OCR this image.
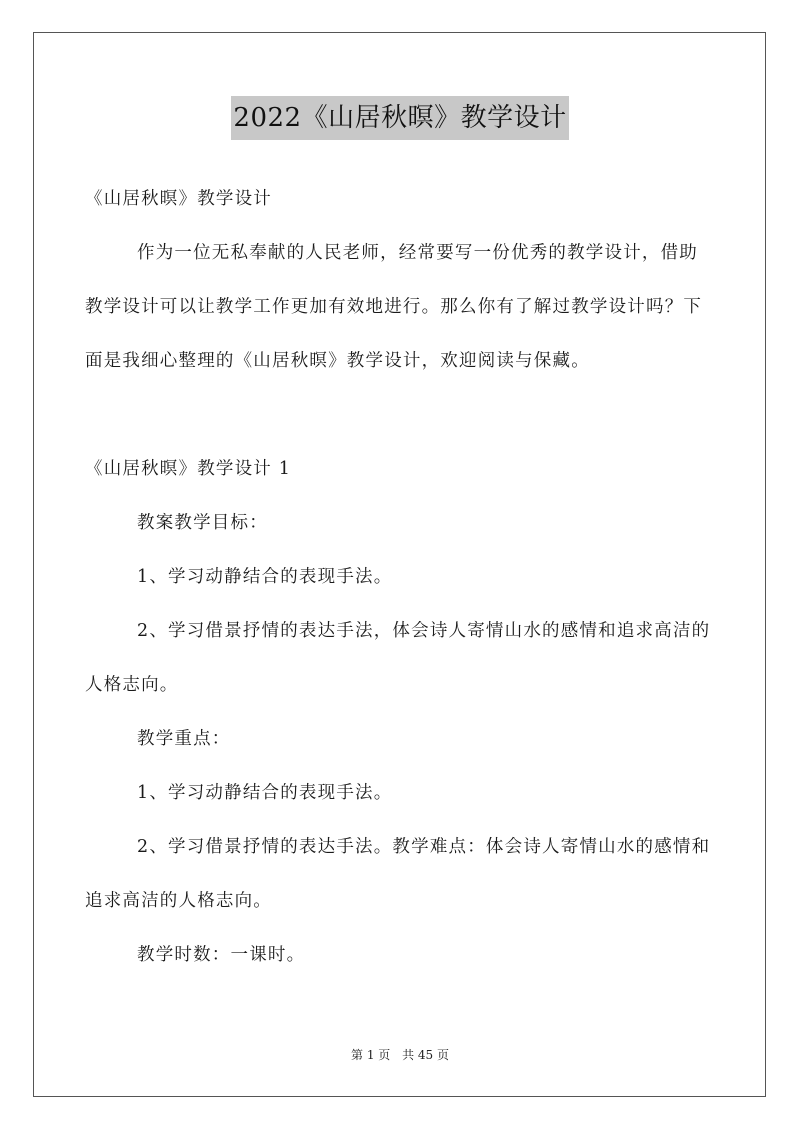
2022《山居秋暝》教学设计

《山居秋暝》教学设计

作为一位无私奉献的人民老师，经常要写一份优秀的教学设计，借助教学设计可以让教学工作更加有效地进行。那么你有了解过教学设计吗？下面是我细心整理的《山居秋暝》教学设计，欢迎阅读与保藏。

《山居秋暝》教学设计 1

教案教学目标：

1、学习动静结合的表现手法。

2、学习借景抒情的表达手法，体会诗人寄情山水的感情和追求高洁的人格志向。

教学重点：

1、学习动静结合的表现手法。

2、学习借景抒情的表达手法。教学难点：体会诗人寄情山水的感情和追求高洁的人格志向。

教学时数：一课时。

第 1 页 共 45 页
